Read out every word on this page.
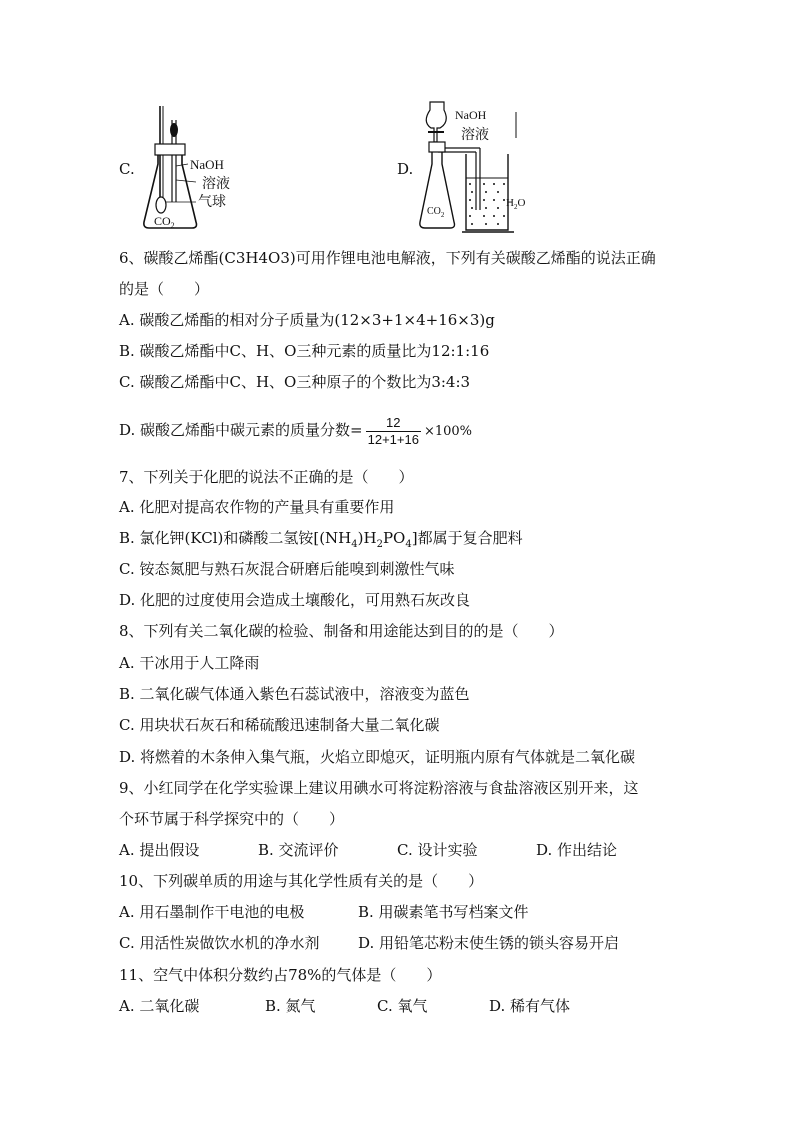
C.	NaOH
溶液
气球
$CO_2$
D.
$CO_2$
$H_2O$
NaOH
溶液
6、碳酸乙烯酯(C3H4O3)可用作锂电池电解液，下列有关碳酸乙烯酯的说法正确
的是（　　）
A. 碳酸乙烯酯的相对分子质量为(12×3+1×4+16×3)g
B. 碳酸乙烯酯中C、H、O三种元素的质量比为12:1:16
C. 碳酸乙烯酯中C、H、O三种原子的个数比为3:4:3
D. 碳酸乙烯酯中碳元素的质量分数= $\frac{12}{12+1+16} \times 100\%$
7、下列关于化肥的说法不正确的是（　　）
A. 化肥对提高农作物的产量具有重要作用
B. 氯化钾(KCl)和磷酸二氢铵$[(NH_4)H_2PO_4]$都属于复合肥料
C. 铵态氮肥与熟石灰混合研磨后能嗅到刺激性气味
D. 化肥的过度使用会造成土壤酸化，可用熟石灰改良
8、下列有关二氧化碳的检验、制备和用途能达到目的的是（　　）
A. 干冰用于人工降雨
B. 二氧化碳气体通入紫色石蕊试液中，溶液变为蓝色
C. 用块状石灰石和稀硫酸迅速制备大量二氧化碳
D. 将燃着的木条伸入集气瓶，火焰立即熄灭，证明瓶内原有气体就是二氧化碳
9、小红同学在化学实验课上建议用碘水可将淀粉溶液与食盐溶液区别开来，这
个环节属于科学探究中的（　　）
A. 提出假设	B. 交流评价	C. 设计实验	D. 作出结论
10、下列碳单质的用途与其化学性质有关的是（　　）
A. 用石墨制作干电池的电极	B. 用碳素笔书写档案文件
C. 用活性炭做饮水机的净水剂	D. 用铅笔芯粉末使生锈的锁头容易开启
11、空气中体积分数约占78%的气体是（　　）
A. 二氧化碳	B. 氮气	C. 氧气	D. 稀有气体
